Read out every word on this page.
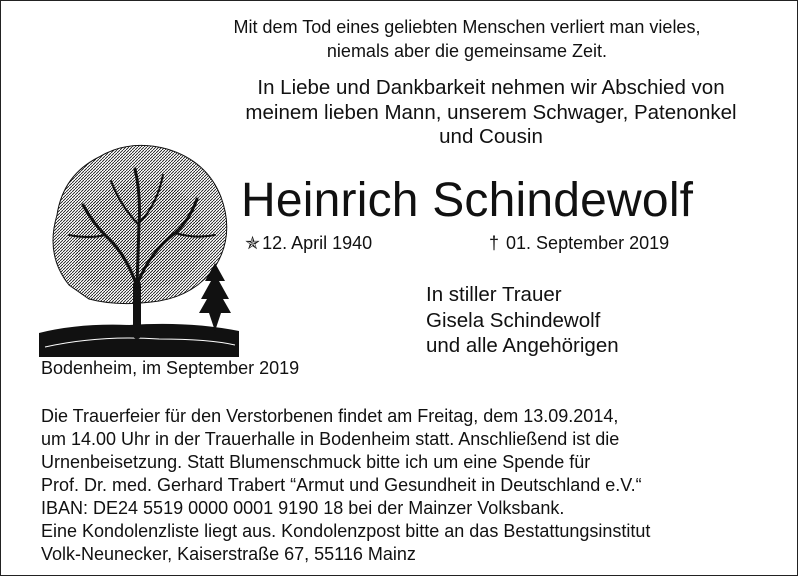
Mit dem Tod eines geliebten Menschen verliert man vieles,
niemals aber die gemeinsame Zeit.
In Liebe und Dankbarkeit nehmen wir Abschied von
meinem lieben Mann, unserem Schwager, Patenonkel
und Cousin
Heinrich Schindewolf
✯ 12. April 1940	† 01. September 2019
In stiller Trauer
Gisela Schindewolf
und alle Angehörigen
Bodenheim, im September 2019
Die Trauerfeier für den Verstorbenen findet am Freitag, dem 13.09.2014,
um 14.00 Uhr in der Trauerhalle in Bodenheim statt. Anschließend ist die
Urnenbeisetzung. Statt Blumenschmuck bitte ich um eine Spende für
Prof. Dr. med. Gerhard Trabert “Armut und Gesundheit in Deutschland e.V.“
IBAN: DE24 5519 0000 0001 9190 18 bei der Mainzer Volksbank.
Eine Kondolenzliste liegt aus. Kondolenzpost bitte an das Bestattungsinstitut
Volk-Neunecker, Kaiserstraße 67, 55116 Mainz
